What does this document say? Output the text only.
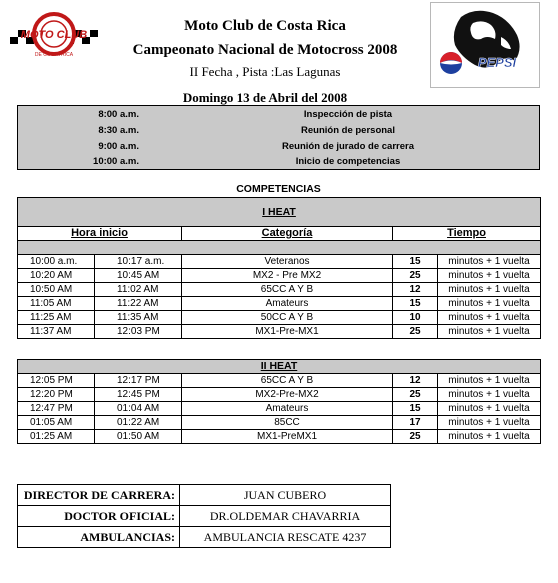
MOTO CLUB
DE COSTA RICA
Moto Club de Costa Rica
Campeonato Nacional de Motocross 2008
II Fecha , Pista :Las Lagunas
Domingo 13 de Abril del 2008
PEPSI
8:00 a.m.	Inspección de pista
8:30 a.m.	Reunión de personal
9:00 a.m.	Reunión de jurado de carrera
10:00 a.m.	Inicio de competencias
COMPETENCIAS
I HEAT				
Hora inicio		Categoría	Tiempo	

10:00 a.m.	10:17 a.m.	Veteranos	15	minutos + 1 vuelta
10:20 AM	10:45 AM	MX2 - Pre MX2	25	minutos + 1 vuelta
10:50 AM	11:02 AM	65CC A Y B	12	minutos + 1 vuelta
11:05 AM	11:22 AM	Amateurs	15	minutos + 1 vuelta
11:25 AM	11:35 AM	50CC A Y B	10	minutos + 1 vuelta
11:37 AM	12:03 PM	MX1-Pre-MX1	25	minutos + 1 vuelta
II HEAT				
12:05 PM	12:17 PM	65CC A Y B	12	minutos + 1 vuelta
12:20 PM	12:45 PM	MX2-Pre-MX2	25	minutos + 1 vuelta
12:47 PM	01:04 AM	Amateurs	15	minutos + 1 vuelta
01:05 AM	01:22 AM	85CC	17	minutos + 1 vuelta
01:25 AM	01:50 AM	MX1-PreMX1	25	minutos + 1 vuelta
DIRECTOR DE CARRERA:	JUAN CUBERO
DOCTOR OFICIAL:	DR.OLDEMAR CHAVARRIA
AMBULANCIAS:	AMBULANCIA RESCATE 4237
